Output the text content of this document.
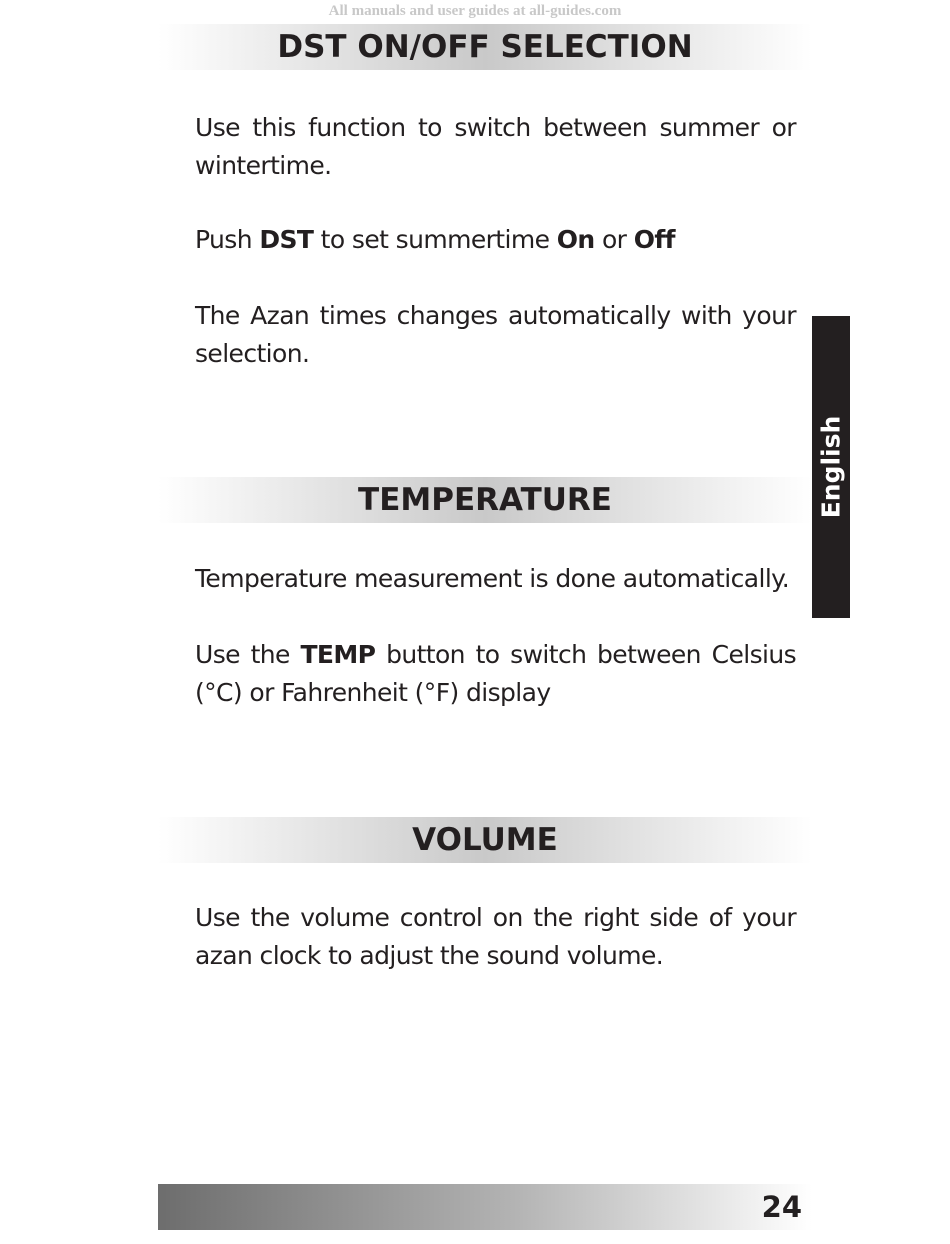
All manuals and user guides at all-guides.com
DST ON/OFF SELECTION

Use this function to switch between summer or wintertime.

Push DST to set summertime On or Off

The Azan times changes automatically with your selection.

TEMPERATURE

Temperature measurement is done automatically.

Use the TEMP button to switch between Celsius (°C) or Fahrenheit (°F) display

VOLUME

Use the volume control on the right side of your azan clock to adjust the sound volume.

English
24
